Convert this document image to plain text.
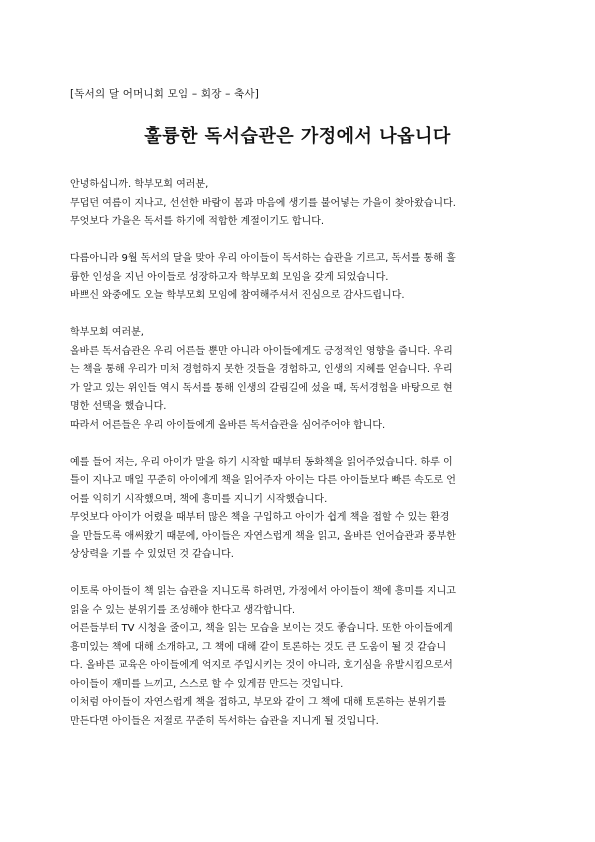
[독서의 달 어머니회 모임 – 회장 – 축사]
훌륭한 독서습관은 가정에서 나옵니다

안녕하십니까. 학부모회 여러분,
무덥던 여름이 지나고, 선선한 바람이 몸과 마음에 생기를 불어넣는 가을이 찾아왔습니다.
무엇보다 가을은 독서를 하기에 적합한 계절이기도 합니다.

다름아니라 9월 독서의 달을 맞아 우리 아이들이 독서하는 습관을 기르고, 독서를 통해 훌
륭한 인성을 지닌 아이들로 성장하고자 학부모회 모임을 갖게 되었습니다.
바쁘신 와중에도 오늘 학부모회 모임에 참여해주셔서 진심으로 감사드립니다.

학부모회 여러분,
올바른 독서습관은 우리 어른들 뿐만 아니라 아이들에게도 긍정적인 영향을 줍니다. 우리
는 책을 통해 우리가 미처 경험하지 못한 것들을 경험하고, 인생의 지혜를 얻습니다. 우리
가 알고 있는 위인들 역시 독서를 통해 인생의 갈림길에 섰을 때, 독서경험을 바탕으로 현
명한 선택을 했습니다.
따라서 어른들은 우리 아이들에게 올바른 독서습관을 심어주어야 합니다.

예를 들어 저는, 우리 아이가 말을 하기 시작할 때부터 동화책을 읽어주었습니다. 하루 이
틀이 지나고 매일 꾸준히 아이에게 책을 읽어주자 아이는 다른 아이들보다 빠른 속도로 언
어를 익히기 시작했으며, 책에 흥미를 지니기 시작했습니다.
무엇보다 아이가 어렸을 때부터 많은 책을 구입하고 아이가 쉽게 책을 접할 수 있는 환경
을 만들도록 애써왔기 때문에, 아이들은 자연스럽게 책을 읽고, 올바른 언어습관과 풍부한
상상력을 기를 수 있었던 것 같습니다.

이토록 아이들이 책 읽는 습관을 지니도록 하려면, 가정에서 아이들이 책에 흥미를 지니고
읽을 수 있는 분위기를 조성해야 한다고 생각합니다.
어른들부터 TV 시청을 줄이고, 책을 읽는 모습을 보이는 것도 좋습니다. 또한 아이들에게
흥미있는 책에 대해 소개하고, 그 책에 대해 같이 토론하는 것도 큰 도움이 될 것 같습니
다. 올바른 교육은 아이들에게 억지로 주입시키는 것이 아니라, 호기심을 유발시킴으로서
아이들이 재미를 느끼고, 스스로 할 수 있게끔 만드는 것입니다.
이처럼 아이들이 자연스럽게 책을 접하고, 부모와 같이 그 책에 대해 토론하는 분위기를
만든다면 아이들은 저절로 꾸준히 독서하는 습관을 지니게 될 것입니다.
